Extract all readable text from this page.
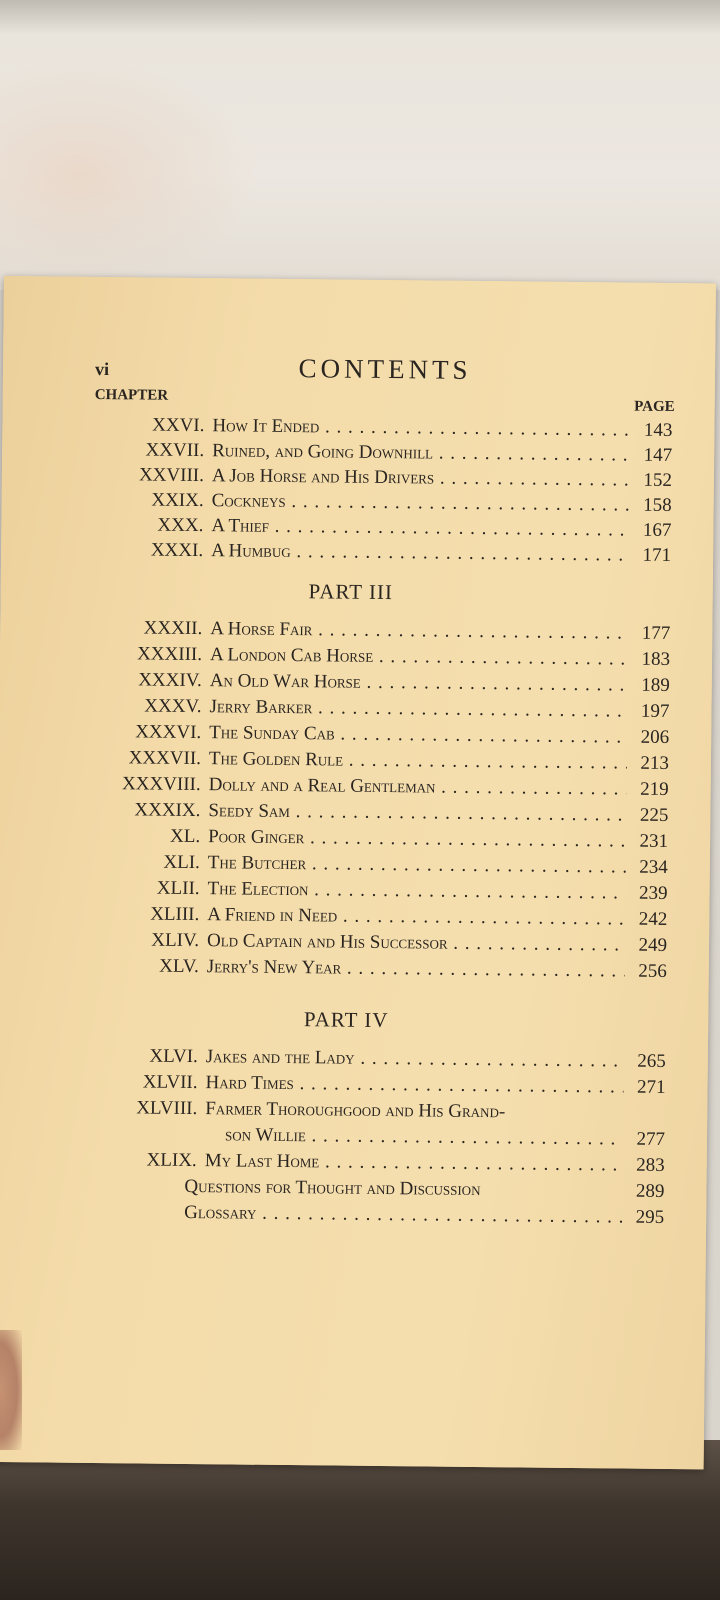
vi	CONTENTS
CHAPTER
PAGE
XXVI. How It Ended . . .	143
XXVII. Ruined, and Going Downhill . . .	147
XXVIII. A Job Horse and His Drivers . . .	152
XXIX. Cockneys . . .	158
XXX. A Thief . . .	167
XXXI. A Humbug . . .	171
PART III
XXXII. A Horse Fair . . .	177
XXXIII. A London Cab Horse . . .	183
XXXIV. An Old War Horse . . .	189
XXXV. Jerry Barker . . .	197
XXXVI. The Sunday Cab . . .	206
XXXVII. The Golden Rule . . .	213
XXXVIII. Dolly and a Real Gentleman . . .	219
XXXIX. Seedy Sam . . .	225
XL. Poor Ginger . . .	231
XLI. The Butcher . . .	234
XLII. The Election . . .	239
XLIII. A Friend in Need . . .	242
XLIV. Old Captain and His Successor . . .	249
XLV. Jerry's New Year . . .	256
PART IV
XLVI. Jakes and the Lady . . .	265
XLVII. Hard Times . . .	271
XLVIII. Farmer Thoroughgood and His Grand-
son Willie . . .	277
XLIX. My Last Home . . .	283
Questions for Thought and Discussion	289
Glossary . . .	295
